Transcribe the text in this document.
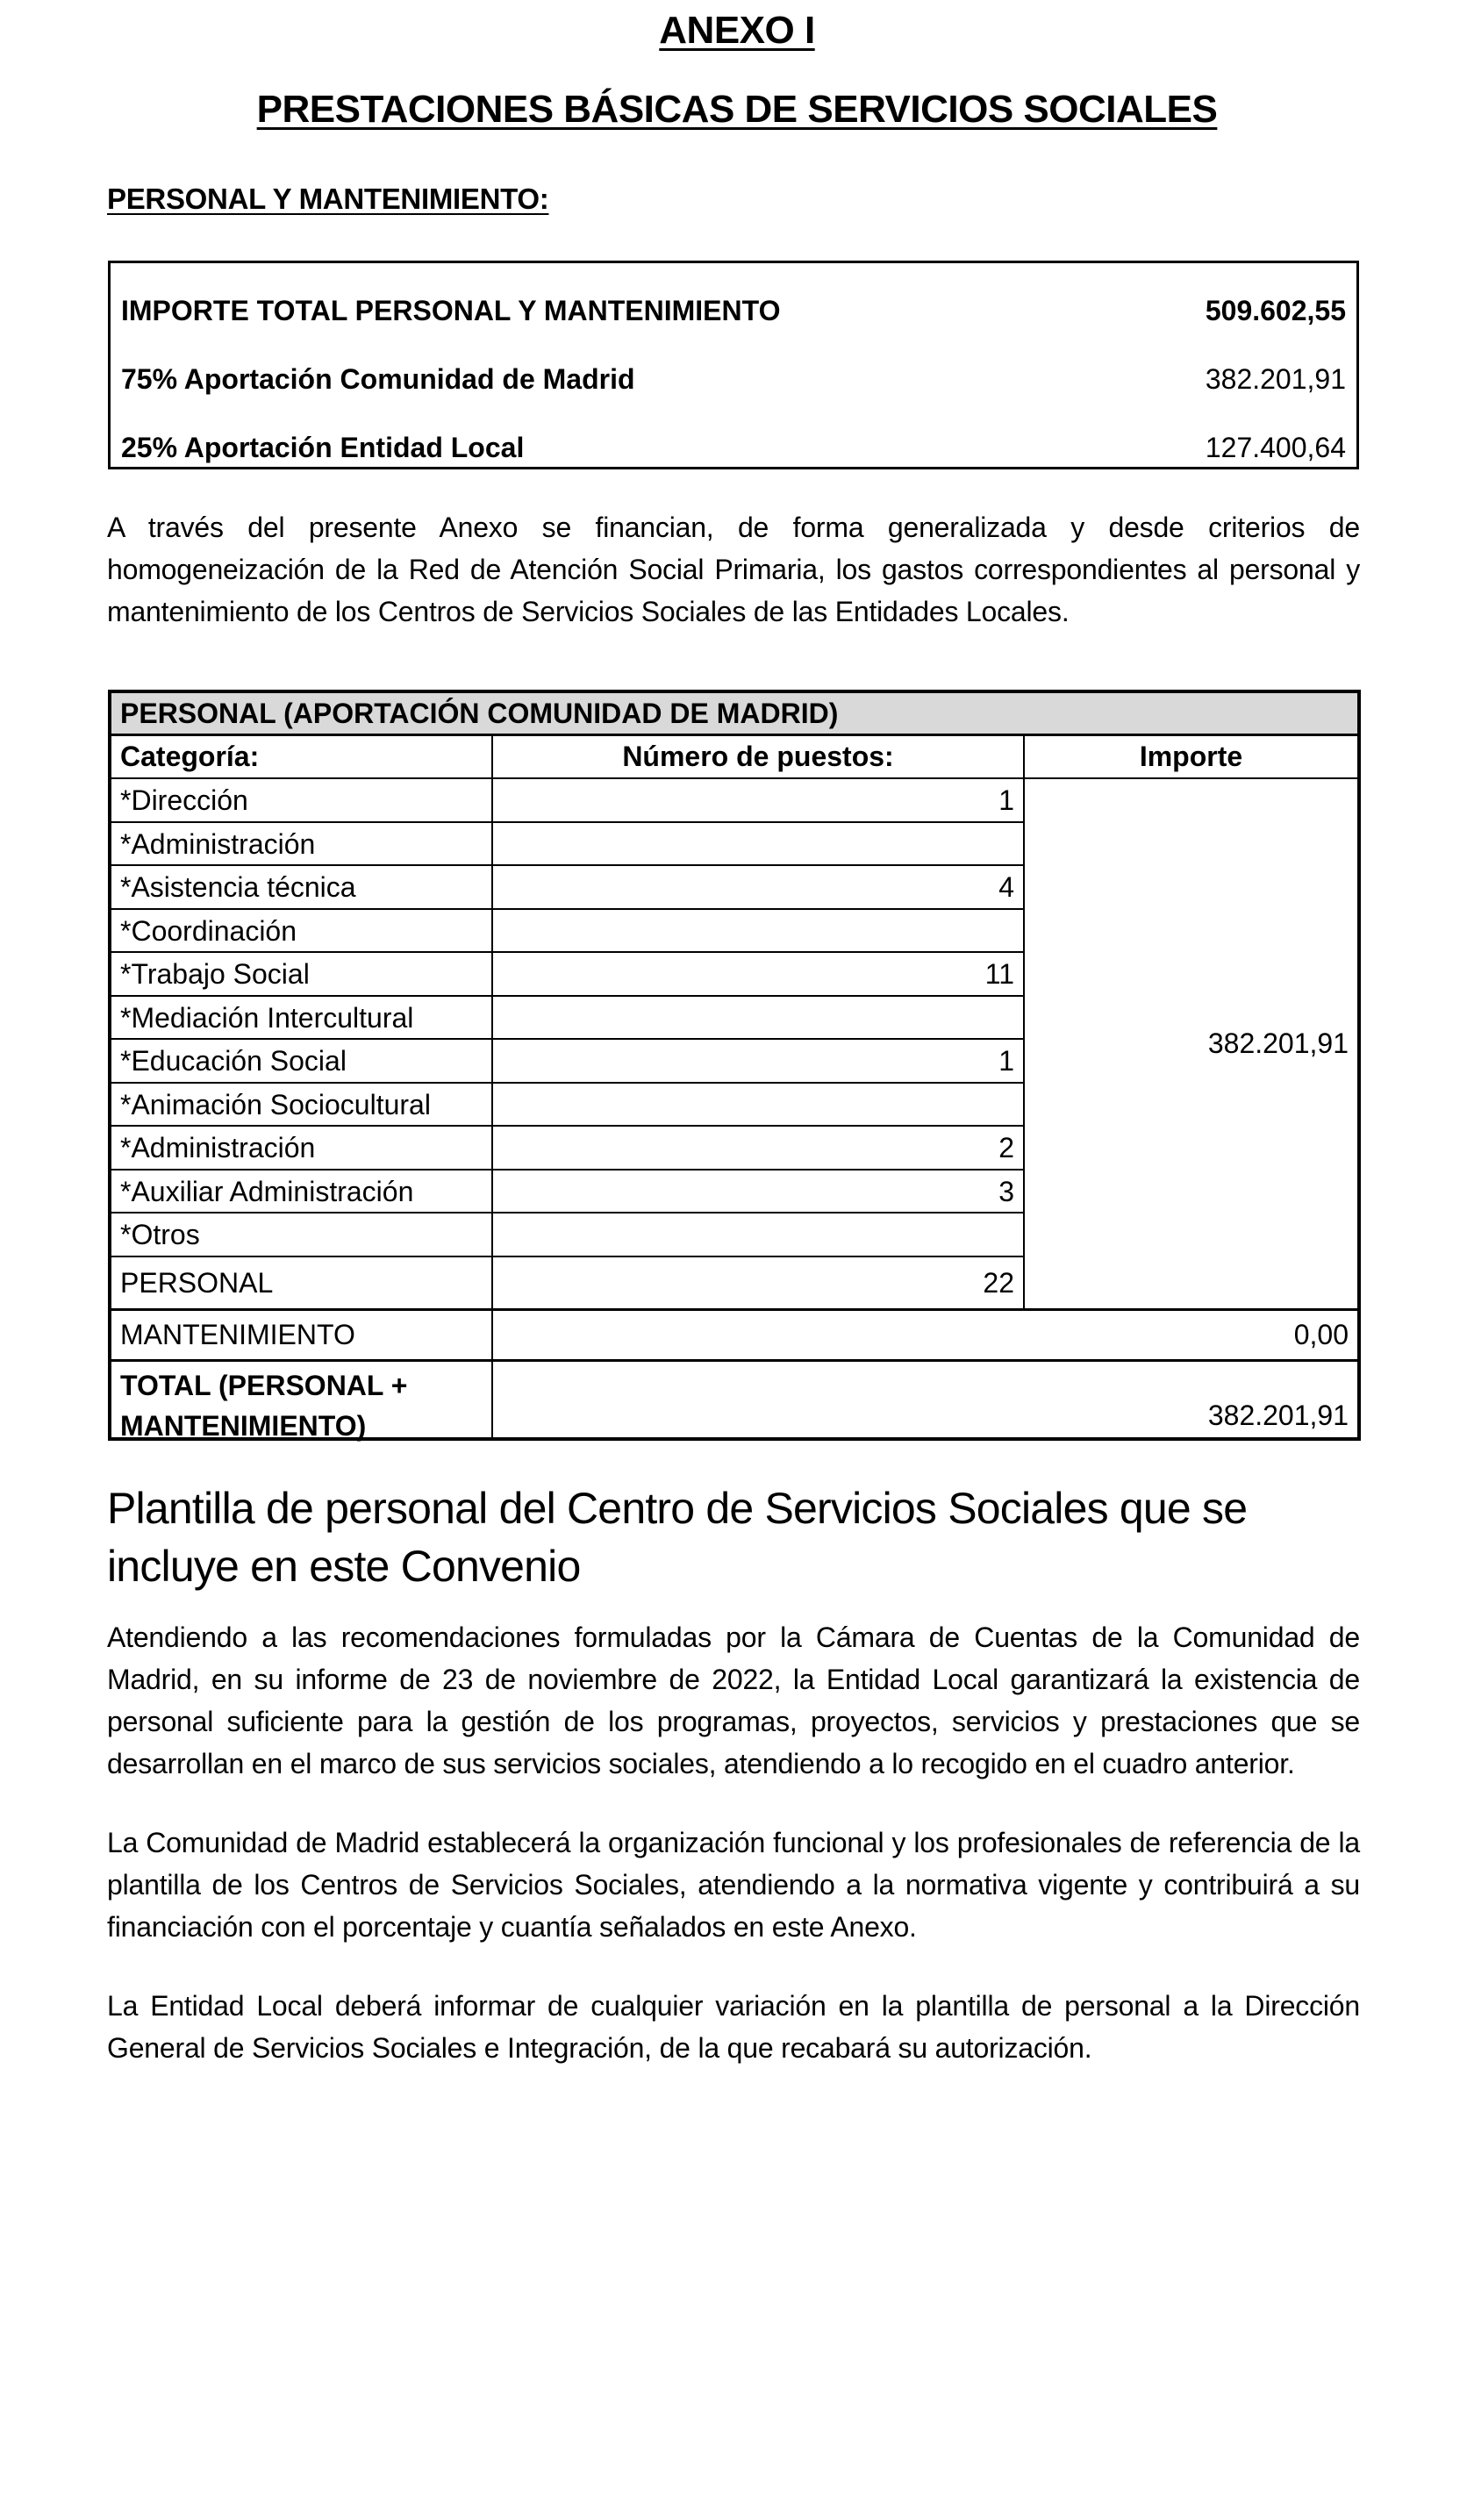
ANEXO I
PRESTACIONES BÁSICAS DE SERVICIOS SOCIALES
PERSONAL Y MANTENIMIENTO:
IMPORTE TOTAL PERSONAL Y MANTENIMIENTO	509.602,55
75% Aportación Comunidad de Madrid	382.201,91
25% Aportación Entidad Local	127.400,64
A través del presente Anexo se financian, de forma generalizada y desde criterios de homogeneización de la Red de Atención Social Primaria, los gastos correspondientes al personal y mantenimiento de los Centros de Servicios Sociales de las Entidades Locales.
PERSONAL (APORTACIÓN COMUNIDAD DE MADRID)
Categoría:	Número de puestos:	Importe
*Dirección	1
*Administración
*Asistencia técnica	4
*Coordinación
*Trabajo Social	11
*Mediación Intercultural
*Educación Social	1
*Animación Sociocultural
*Administración	2
*Auxiliar Administración	3
*Otros
PERSONAL	22
382.201,91
MANTENIMIENTO	0,00
TOTAL (PERSONAL +
MANTENIMIENTO)	382.201,91
Plantilla de personal del Centro de Servicios Sociales que se incluye en este Convenio
Atendiendo a las recomendaciones formuladas por la Cámara de Cuentas de la Comunidad de Madrid, en su informe de 23 de noviembre de 2022, la Entidad Local garantizará la existencia de personal suficiente para la gestión de los programas, proyectos, servicios y prestaciones que se desarrollan en el marco de sus servicios sociales, atendiendo a lo recogido en el cuadro anterior.
La Comunidad de Madrid establecerá la organización funcional y los profesionales de referencia de la plantilla de los Centros de Servicios Sociales, atendiendo a la normativa vigente y contribuirá a su financiación con el porcentaje y cuantía señalados en este Anexo.
La Entidad Local deberá informar de cualquier variación en la plantilla de personal a la Dirección General de Servicios Sociales e Integración, de la que recabará su autorización.
